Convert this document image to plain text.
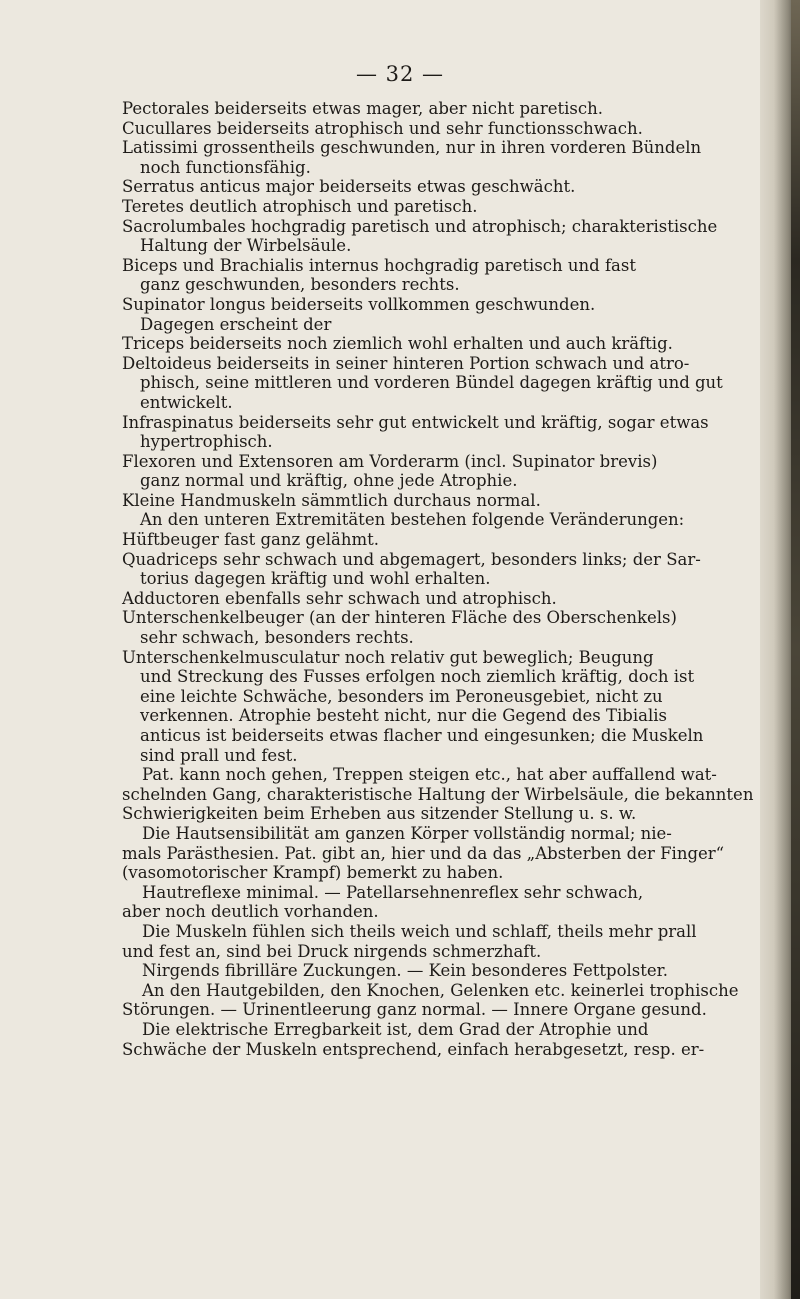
— 32 —
Pectorales beiderseits etwas mager, aber nicht paretisch.
Cucullares beiderseits atrophisch und sehr functionsschwach.
Latissimi grossentheils geschwunden, nur in ihren vorderen Bündeln
noch functionsfähig.
Serratus anticus major beiderseits etwas geschwächt.
Teretes deutlich atrophisch und paretisch.
Sacrolumbales hochgradig paretisch und atrophisch; charakteristische
Haltung der Wirbelsäule.
Biceps und Brachialis internus hochgradig paretisch und fast
ganz geschwunden, besonders rechts.
Supinator longus beiderseits vollkommen geschwunden.
Dagegen erscheint der
Triceps beiderseits noch ziemlich wohl erhalten und auch kräftig.
Deltoideus beiderseits in seiner hinteren Portion schwach und atro-
phisch, seine mittleren und vorderen Bündel dagegen kräftig und gut
entwickelt.
Infraspinatus beiderseits sehr gut entwickelt und kräftig, sogar etwas
hypertrophisch.
Flexoren und Extensoren am Vorderarm (incl. Supinator brevis)
ganz normal und kräftig, ohne jede Atrophie.
Kleine Handmuskeln sämmtlich durchaus normal.
An den unteren Extremitäten bestehen folgende Veränderungen:
Hüftbeuger fast ganz gelähmt.
Quadriceps sehr schwach und abgemagert, besonders links; der Sar-
torius dagegen kräftig und wohl erhalten.
Adductoren ebenfalls sehr schwach und atrophisch.
Unterschenkelbeuger (an der hinteren Fläche des Oberschenkels)
sehr schwach, besonders rechts.
Unterschenkelmusculatur noch relativ gut beweglich; Beugung
und Streckung des Fusses erfolgen noch ziemlich kräftig, doch ist
eine leichte Schwäche, besonders im Peroneusgebiet, nicht zu
verkennen. Atrophie besteht nicht, nur die Gegend des Tibialis
anticus ist beiderseits etwas flacher und eingesunken; die Muskeln
sind prall und fest.
Pat. kann noch gehen, Treppen steigen etc., hat aber auffallend wat-
schelnden Gang, charakteristische Haltung der Wirbelsäule, die bekannten
Schwierigkeiten beim Erheben aus sitzender Stellung u. s. w.
Die Hautsensibilität am ganzen Körper vollständig normal; nie-
mals Parästhesien. Pat. gibt an, hier und da das „Absterben der Finger“
(vasomotorischer Krampf) bemerkt zu haben.
Hautreflexe minimal. — Patellarsehnenreflex sehr schwach,
aber noch deutlich vorhanden.
Die Muskeln fühlen sich theils weich und schlaff, theils mehr prall
und fest an, sind bei Druck nirgends schmerzhaft.
Nirgends fibrilläre Zuckungen. — Kein besonderes Fettpolster.
An den Hautgebilden, den Knochen, Gelenken etc. keinerlei trophische
Störungen. — Urinentleerung ganz normal. — Innere Organe gesund.
Die elektrische Erregbarkeit ist, dem Grad der Atrophie und
Schwäche der Muskeln entsprechend, einfach herabgesetzt, resp. er-
